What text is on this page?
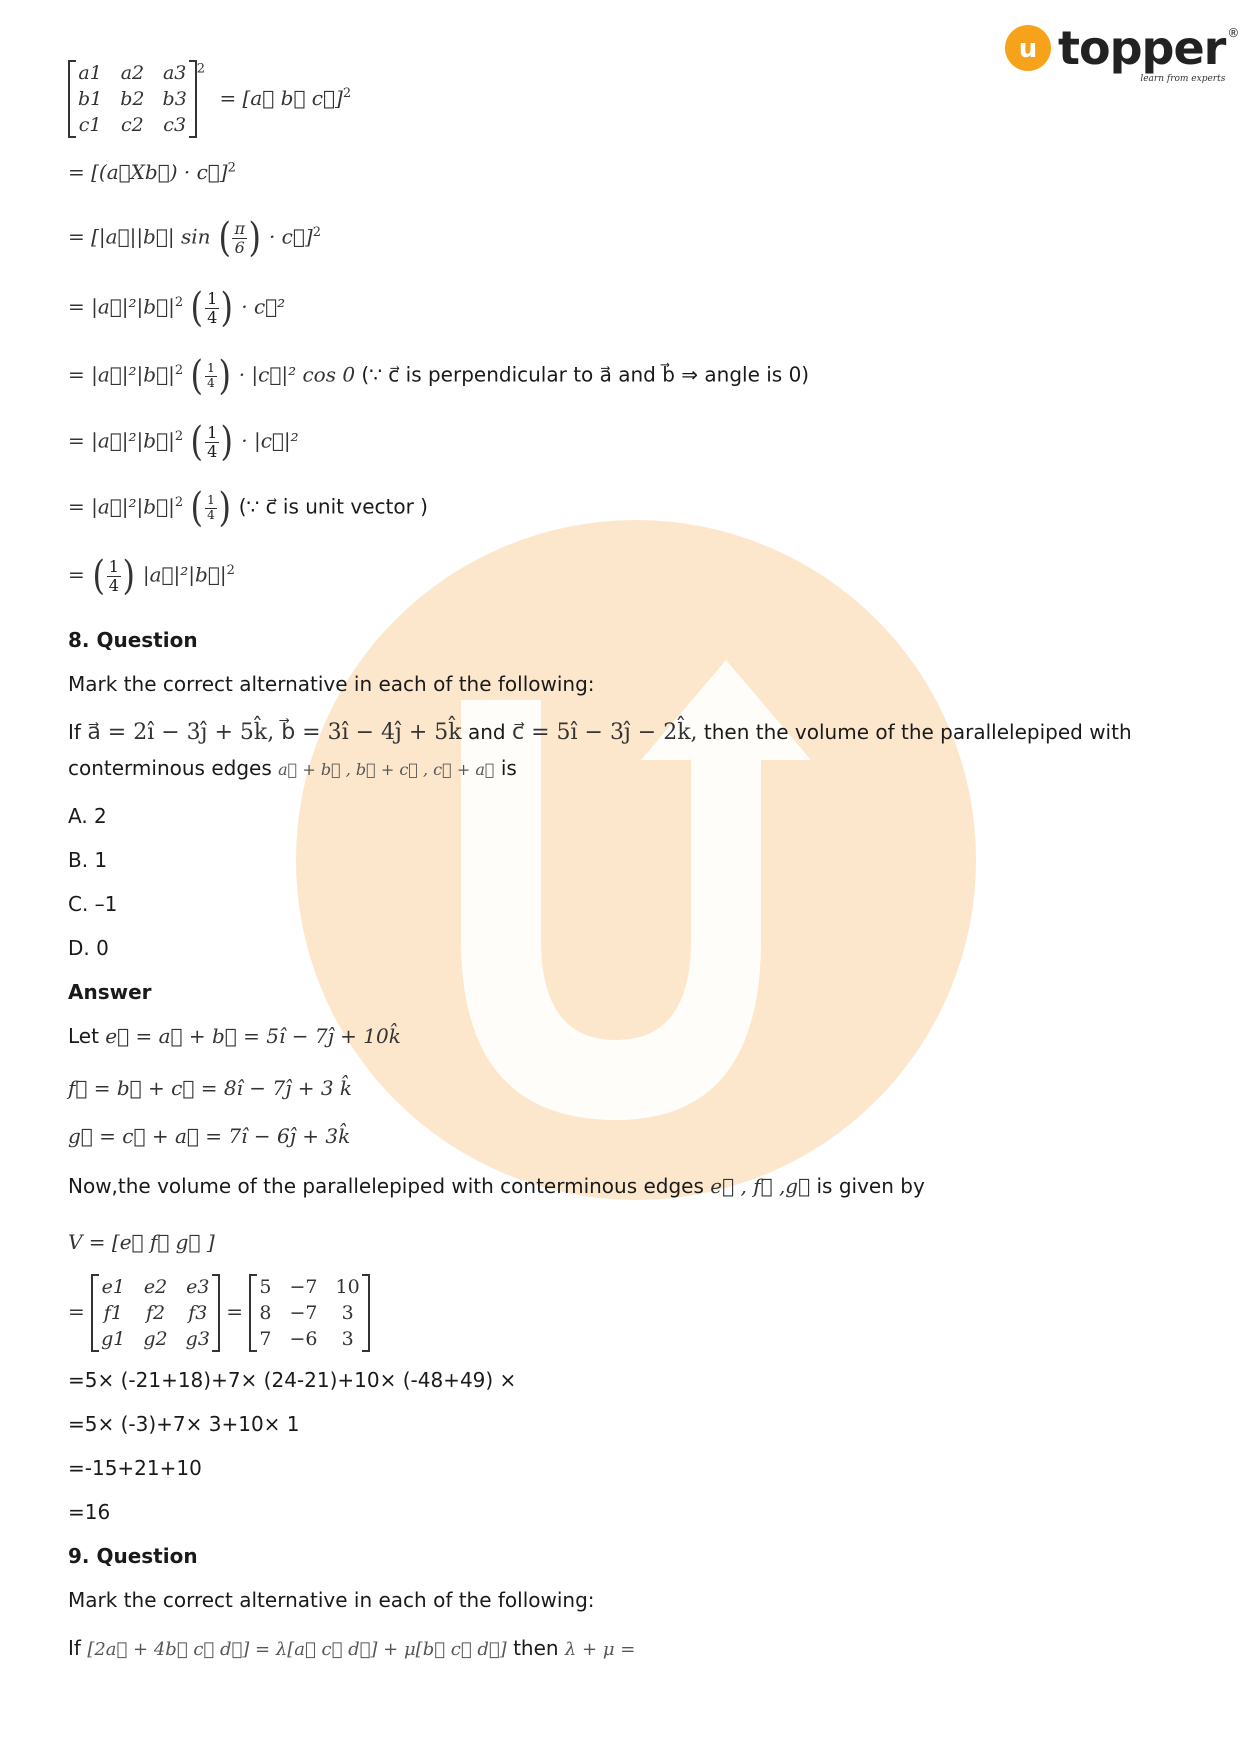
u topper ®
learn from experts
a1 a2 a3
b1 b2 b3
c1 c2 c3
$^2$ = [a⃗ b⃗ c⃗]$^2$
= [(a⃗Xb⃗) · c⃗]$^2$
= [|a⃗||b⃗| sin ( $\frac{\pi}{6}$ ) · c⃗]$^2$
= $|a⃗|^2|b⃗|^2$ ( $\frac{1}{4}$ ) · c⃗²
= $|a⃗|^2|b⃗|^2$ ( $\frac{1}{4}$ ) · |c⃗|² cos 0 (∵ c⃗ is perpendicular to a⃗ and b⃗ ⇒ angle is 0)
= $|a⃗|^2|b⃗|^2$ ( $\frac{1}{4}$ ) · |c⃗|²
= $|a⃗|^2|b⃗|^2$ ( $\frac{1}{4}$ ) (∵ c⃗ is unit vector )
= ( $\frac{1}{4}$ ) $|a⃗|^2|b⃗|^2$
8. Question
Mark the correct alternative in each of the following:
If a⃗ = 2î − 3ĵ + 5k̂, b⃗ = 3î − 4ĵ + 5k̂ and c⃗ = 5î − 3ĵ − 2k̂, then the volume of the parallelepiped with
conterminous edges a⃗ + b⃗ , b⃗ + c⃗ , c⃗ + a⃗ is
A. 2
B. 1
C. –1
D. 0
Answer
Let e⃗ = a⃗ + b⃗ = 5î − 7ĵ + 10k̂
f⃗ = b⃗ + c⃗ = 8î − 7ĵ + 3 k̂
g⃗ = c⃗ + a⃗ = 7î − 6ĵ + 3k̂
Now,the volume of the parallelepiped with conterminous edges e⃗ , f⃗ ,g⃗ is given by
V = [e⃗ f⃗ g⃗ ]
=
e1 e2 e3
f1 f2 f3
g1 g2 g3
=
5 −7 10
8 −7	3
7 −6	3
=5× (-21+18)+7× (24-21)+10× (-48+49) ×
=5× (-3)+7× 3+10× 1
=-15+21+10
=16
9. Question
Mark the correct alternative in each of the following:
If [2a⃗ + 4b⃗ c⃗ d⃗] = λ[a⃗ c⃗ d⃗] + μ[b⃗ c⃗ d⃗] then λ + μ =
